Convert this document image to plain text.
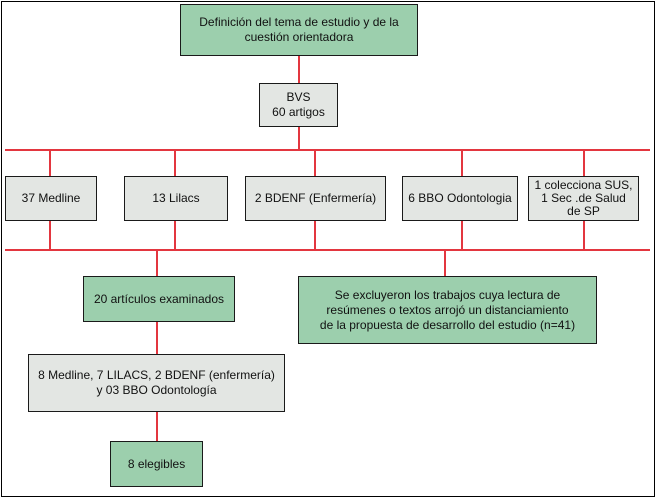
Definición del tema de estudio y de la cuestión orientadora
BVS
60 artigos
37 Medline	13 Lilacs	2 BDENF (Enfermería)	6 BBO Odontologia
1 colecciona SUS,
1 Sec .de Salud
de SP
20 artículos examinados	Se excluyeron los trabajos cuya lectura de
resúmenes o textos arrojó un distanciamiento
de la propuesta de desarrollo del estudio (n=41)
8 Medline, 7 LILACS, 2 BDENF (enfermería)
y 03 BBO Odontología
8 elegibles
